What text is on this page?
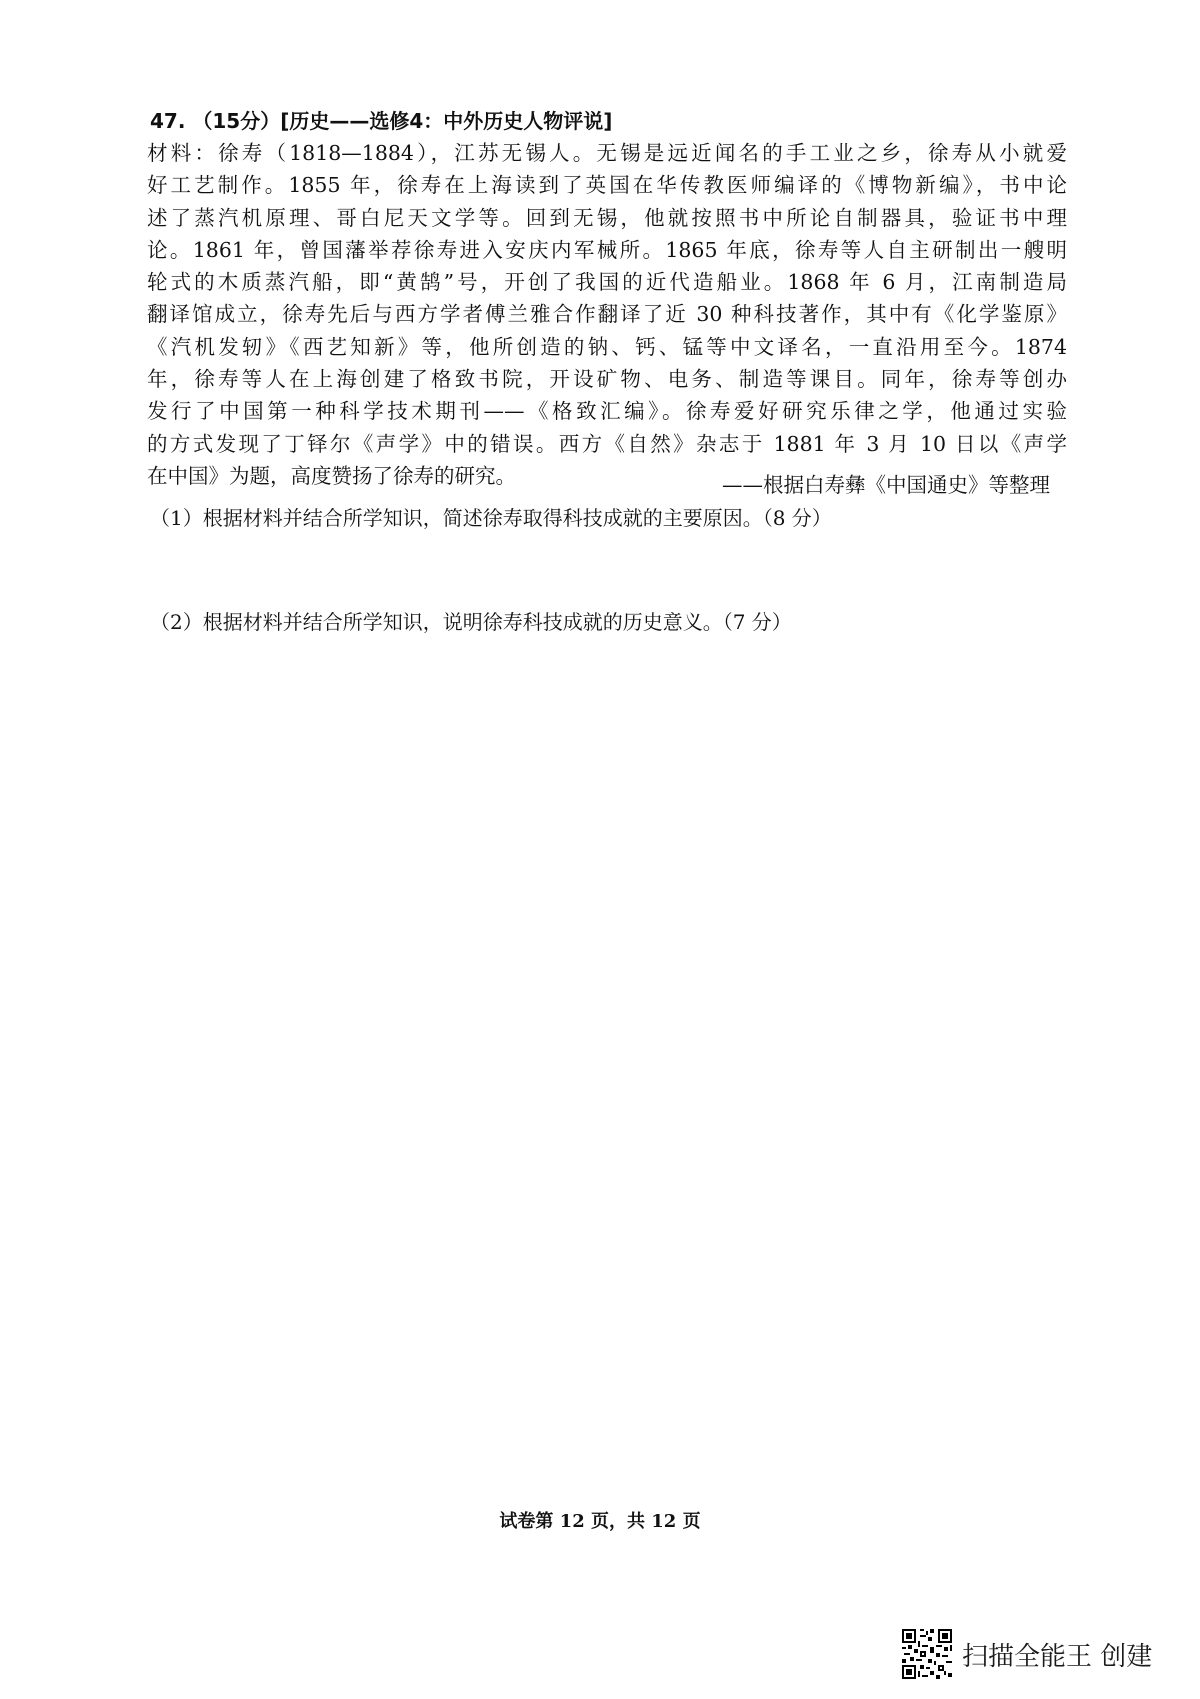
47. （15分）[历史——选修4：中外历史人物评说]
材料：徐寿（1818—1884），江苏无锡人。无锡是远近闻名的手工业之乡，徐寿从小就爱
好工艺制作。1855 年，徐寿在上海读到了英国在华传教医师编译的《博物新编》，书中论
述了蒸汽机原理、哥白尼天文学等。回到无锡，他就按照书中所论自制器具，验证书中理
论。1861 年，曾国藩举荐徐寿进入安庆内军械所。1865 年底，徐寿等人自主研制出一艘明
轮式的木质蒸汽船，即“黄鹄”号，开创了我国的近代造船业。1868 年 6 月，江南制造局
翻译馆成立，徐寿先后与西方学者傅兰雅合作翻译了近 30 种科技著作，其中有《化学鉴原》
《汽机发轫》《西艺知新》等，他所创造的钠、钙、锰等中文译名，一直沿用至今。1874
年，徐寿等人在上海创建了格致书院，开设矿物、电务、制造等课目。同年，徐寿等创办
发行了中国第一种科学技术期刊——《格致汇编》。徐寿爱好研究乐律之学，他通过实验
的方式发现了丁铎尔《声学》中的错误。西方《自然》杂志于 1881 年 3 月 10 日以《声学
在中国》为题，高度赞扬了徐寿的研究。	——根据白寿彝《中国通史》等整理
（1）根据材料并结合所学知识，简述徐寿取得科技成就的主要原因。（8 分）
（2）根据材料并结合所学知识，说明徐寿科技成就的历史意义。（7 分）
试卷第 12 页，共 12 页
扫描全能王 创建
